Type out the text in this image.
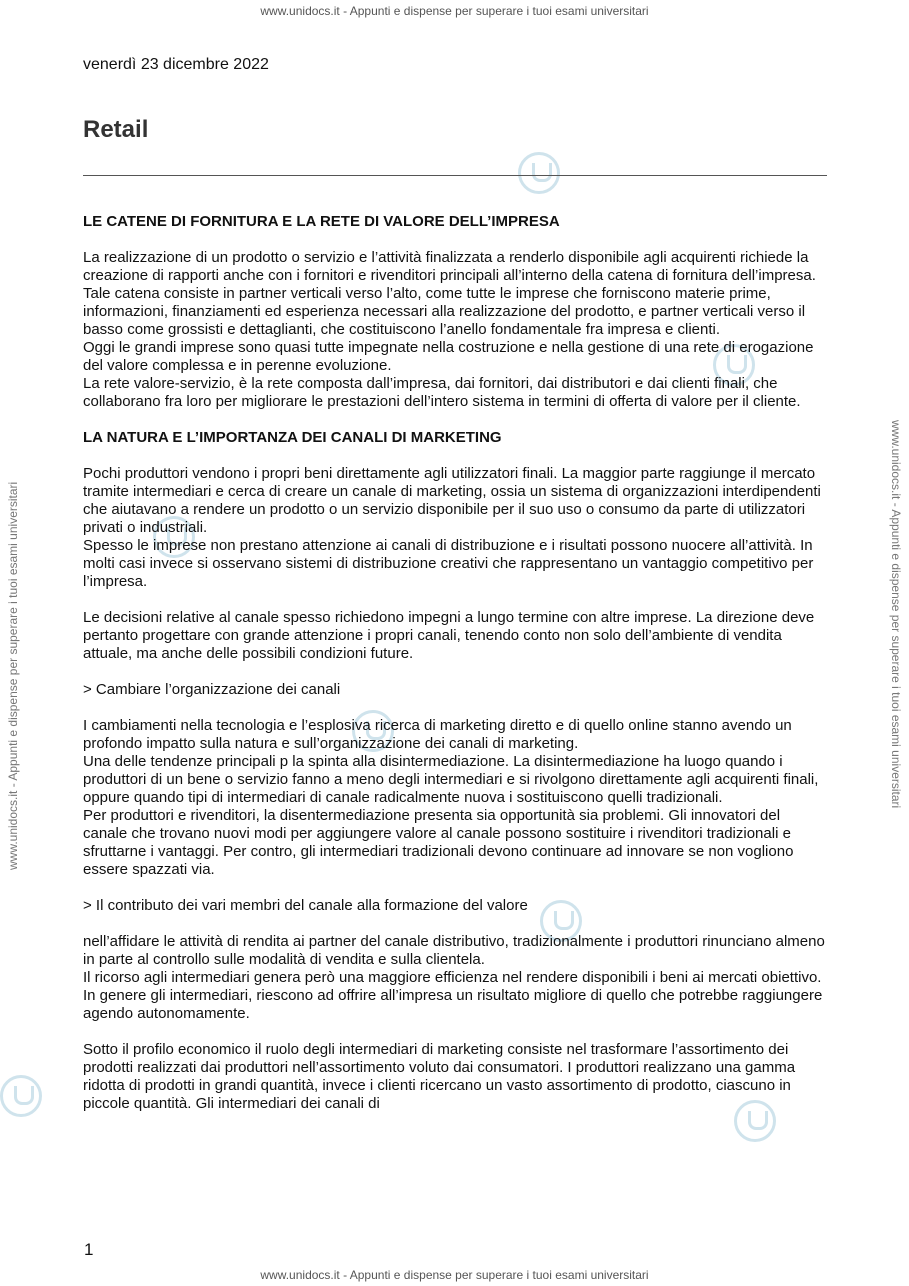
www.unidocs.it - Appunti e dispense per superare i tuoi esami universitari
www.unidocs.it - Appunti e dispense per superare i tuoi esami universitari	www.unidocs.it - Appunti e dispense per superare i tuoi esami universitari
venerdì 23 dicembre 2022
Retail
LE CATENE DI FORNITURA E LA RETE DI VALORE DELL’IMPRESA

La realizzazione di un prodotto o servizio e l’attività finalizzata a renderlo disponibile agli acquirenti richiede la creazione di rapporti anche con i fornitori e rivenditori principali all’interno della catena di fornitura dell’impresa.

Tale catena consiste in partner verticali verso l’alto, come tutte le imprese che forniscono materie prime, informazioni, finanziamenti ed esperienza necessari alla realizzazione del prodotto, e partner verticali verso il basso come grossisti e dettaglianti, che costituiscono l’anello fondamentale fra impresa e clienti.

Oggi le grandi imprese sono quasi tutte impegnate nella costruzione e nella gestione di una rete di erogazione del valore complessa e in perenne evoluzione.

La rete valore-servizio, è la rete composta dall’impresa, dai fornitori, dai distributori e dai clienti finali, che collaborano fra loro per migliorare le prestazioni dell’intero sistema in termini di offerta di valore per il cliente.

LA NATURA E L’IMPORTANZA DEI CANALI DI MARKETING

Pochi produttori vendono i propri beni direttamente agli utilizzatori finali. La maggior parte raggiunge il mercato tramite intermediari e cerca di creare un canale di marketing, ossia un sistema di organizzazioni interdipendenti che aiutavano a rendere un prodotto o un servizio disponibile per il suo uso o consumo da parte di utilizzatori privati o industriali.

Spesso le imprese non prestano attenzione ai canali di distribuzione e i risultati possono nuocere all’attività. In molti casi invece si osservano sistemi di distribuzione creativi che rappresentano un vantaggio competitivo per l’impresa.

Le decisioni relative al canale spesso richiedono impegni a lungo termine con altre imprese. La direzione deve pertanto progettare con grande attenzione i propri canali, tenendo conto non solo dell’ambiente di vendita attuale, ma anche delle possibili condizioni future.

> Cambiare l’organizzazione dei canali

I cambiamenti nella tecnologia e l’esplosiva ricerca di marketing diretto e di quello online stanno avendo un profondo impatto sulla natura e sull’organizzazione dei canali di marketing.

Una delle tendenze principali p la spinta alla disintermediazione. La disintermediazione ha luogo quando i produttori di un bene o servizio fanno a meno degli intermediari e si rivolgono direttamente agli acquirenti finali, oppure quando tipi di intermediari di canale radicalmente nuova i sostituiscono quelli tradizionali.

Per produttori e rivenditori, la disentermediazione presenta sia opportunità sia problemi. Gli innovatori del canale che trovano nuovi modi per aggiungere valore al canale possono sostituire i rivenditori tradizionali e sfruttarne i vantaggi. Per contro, gli intermediari tradizionali devono continuare ad innovare se non vogliono essere spazzati via.

> Il contributo dei vari membri del canale alla formazione del valore

nell’affidare le attività di rendita ai partner del canale distributivo, tradizionalmente i produttori rinunciano almeno in parte al controllo sulle modalità di vendita e sulla clientela.

Il ricorso agli intermediari genera però una maggiore efficienza nel rendere disponibili i beni ai mercati obiettivo.

In genere gli intermediari, riescono ad offrire all’impresa un risultato migliore di quello che potrebbe raggiungere agendo autonomamente.

Sotto il profilo economico il ruolo degli intermediari di marketing consiste nel trasformare l’assortimento dei prodotti realizzati dai produttori nell’assortimento voluto dai consumatori. I produttori realizzano una gamma ridotta di prodotti in grandi quantità, invece i clienti ricercano un vasto assortimento di prodotto, ciascuno in piccole quantità. Gli intermediari dei canali di

1
www.unidocs.it - Appunti e dispense per superare i tuoi esami universitari
